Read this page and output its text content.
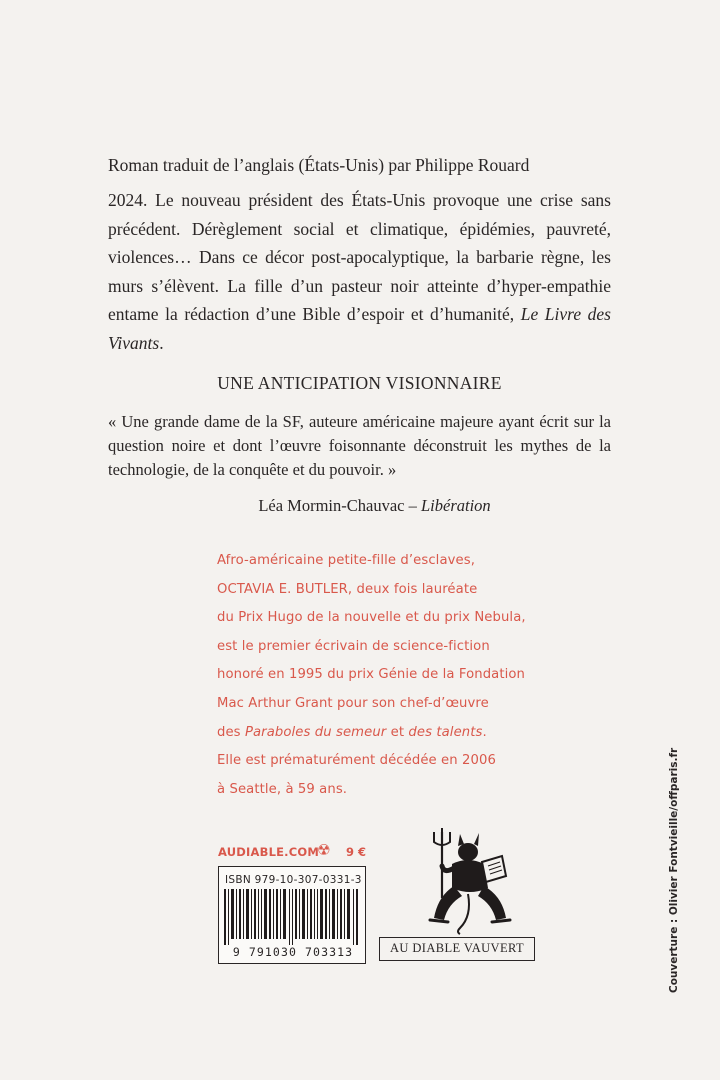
Roman traduit de l’anglais (États-Unis) par Philippe Rouard
2024. Le nouveau président des États-Unis provoque une crise sans précédent. Dérèglement social et climatique, épidémies, pauvreté, violences… Dans ce décor post-apocalyptique, la barbarie règne, les murs s’élèvent. La fille d’un pasteur noir atteinte d’hyper-empathie entame la rédaction d’une Bible d’espoir et d’humanité, Le Livre des Vivants.
UNE ANTICIPATION VISIONNAIRE
« Une grande dame de la SF, auteure américaine majeure ayant écrit sur la question noire et dont l’œuvre foisonnante déconstruit les mythes de la technologie, de la conquête et du pouvoir. »
Léa Mormin-Chauvac – Libération
Afro-américaine petite-fille d’esclaves,
OCTAVIA E. BUTLER, deux fois lauréate
du Prix Hugo de la nouvelle et du prix Nebula,
est le premier écrivain de science-fiction
honoré en 1995 du prix Génie de la Fondation
Mac Arthur Grant pour son chef-d’œuvre
des Paraboles du semeur et des talents.
Elle est prématurément décédée en 2006
à Seattle, à 59 ans.
AUDIABLE.COM
☢ 9 €
ISBN 979-10-307-0331-3
9 791030 703313	AU DIABLE VAUVERT	Couverture : Olivier Fontvieille/offparis.fr
